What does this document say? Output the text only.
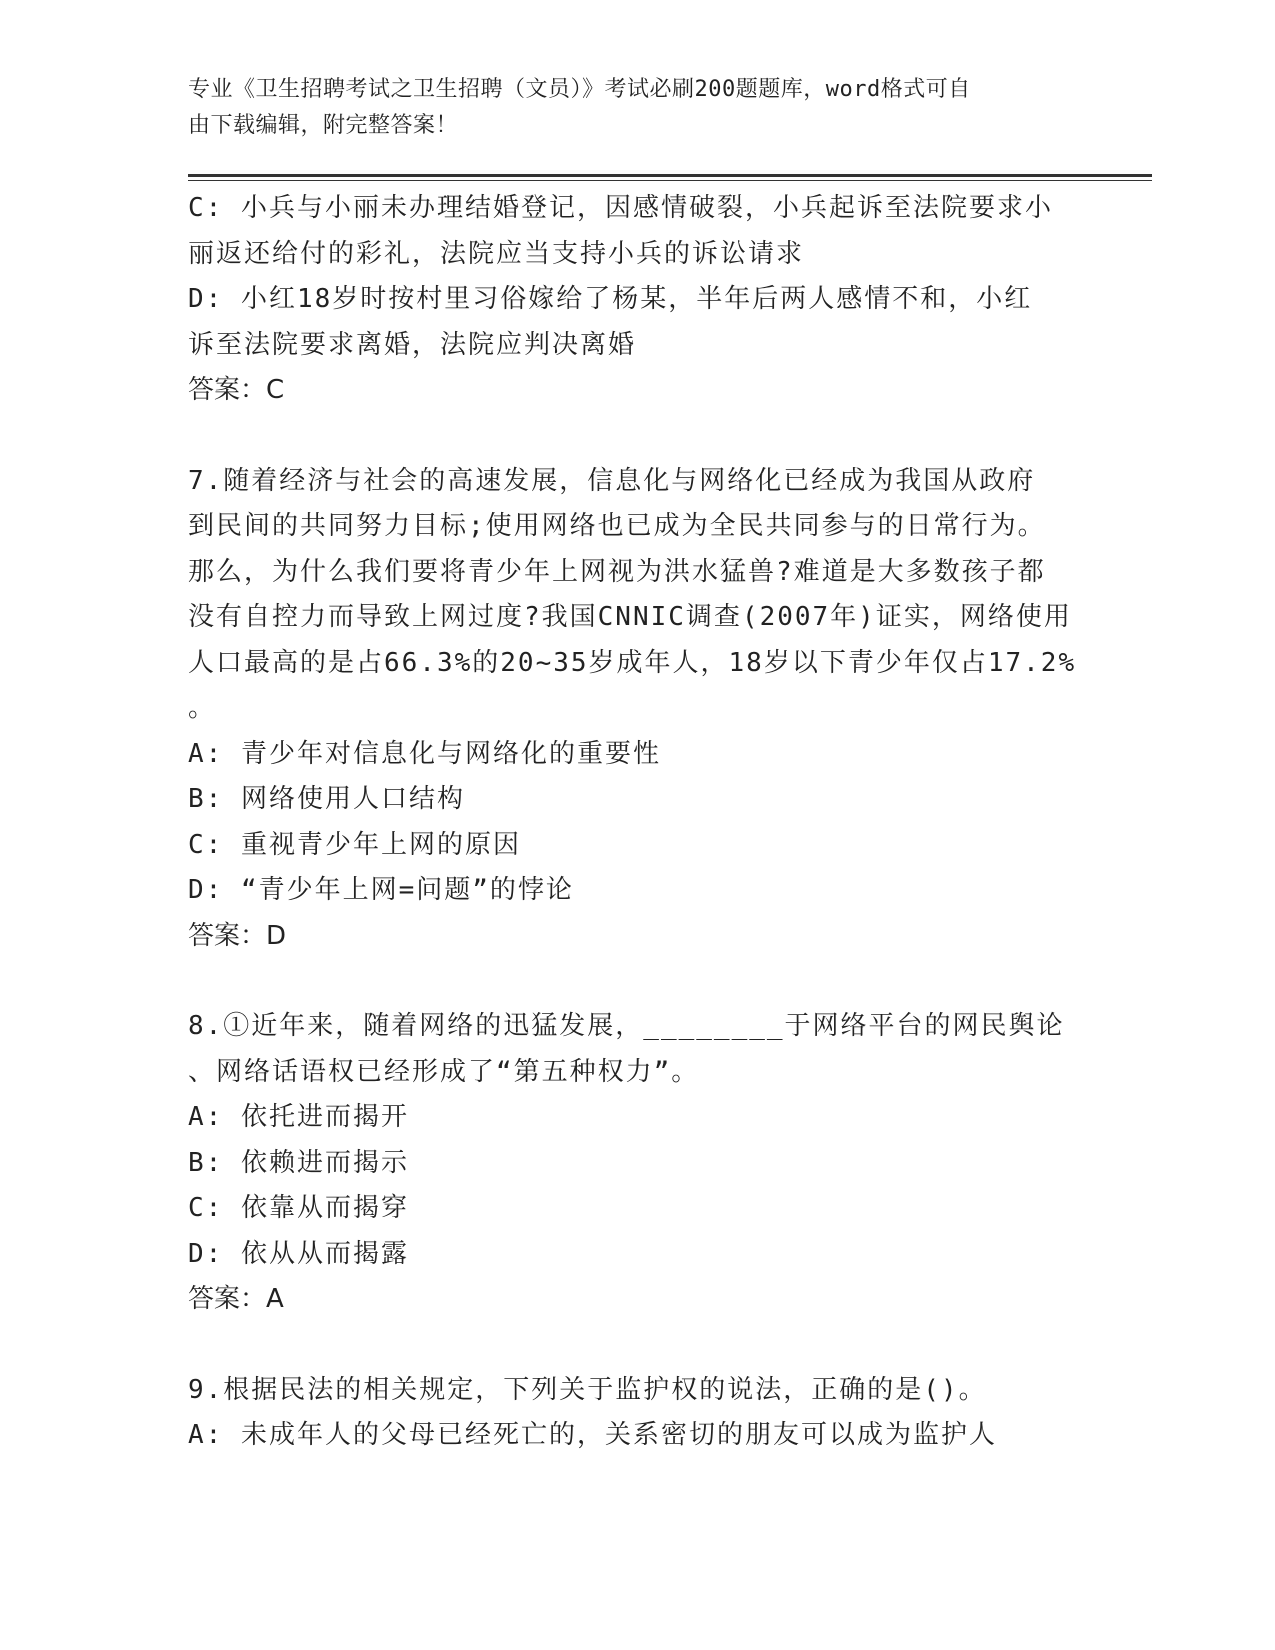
专业《卫生招聘考试之卫生招聘（文员）》考试必刷200题题库，word格式可自
由下载编辑，附完整答案！
C: 小兵与小丽未办理结婚登记，因感情破裂，小兵起诉至法院要求小
丽返还给付的彩礼，法院应当支持小兵的诉讼请求
D: 小红18岁时按村里习俗嫁给了杨某，半年后两人感情不和，小红
诉至法院要求离婚，法院应判决离婚
答案：C
7.随着经济与社会的高速发展，信息化与网络化已经成为我国从政府
到民间的共同努力目标;使用网络也已成为全民共同参与的日常行为。
那么，为什么我们要将青少年上网视为洪水猛兽?难道是大多数孩子都
没有自控力而导致上网过度?我国CNNIC调查(2007年)证实，网络使用
人口最高的是占66.3%的20~35岁成年人，18岁以下青少年仅占17.2%
。
A: 青少年对信息化与网络化的重要性
B: 网络使用人口结构
C: 重视青少年上网的原因
D: “青少年上网=问题”的悖论
答案：D
8.①近年来，随着网络的迅猛发展，________于网络平台的网民舆论
、网络话语权已经形成了“第五种权力”。
A: 依托进而揭开
B: 依赖进而揭示
C: 依靠从而揭穿
D: 依从从而揭露
答案：A
9.根据民法的相关规定，下列关于监护权的说法，正确的是()。
A: 未成年人的父母已经死亡的，关系密切的朋友可以成为监护人
